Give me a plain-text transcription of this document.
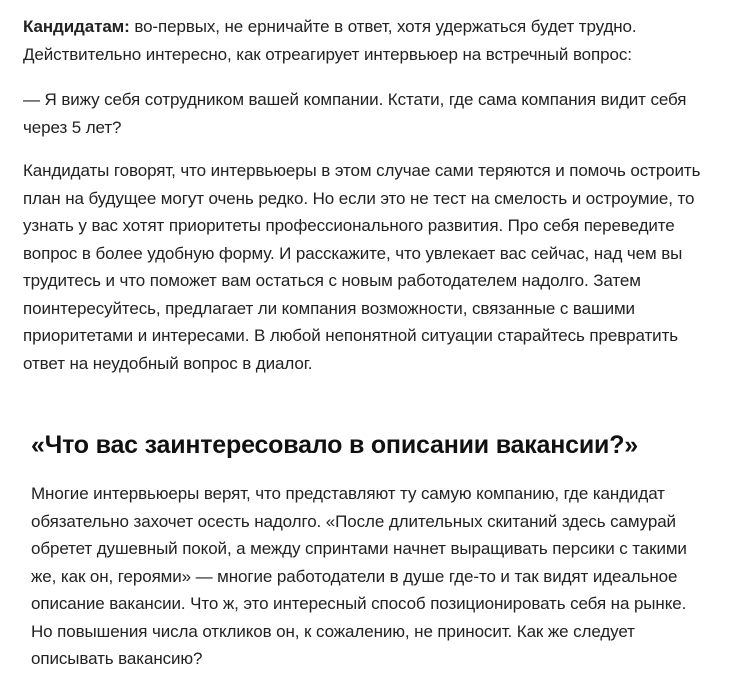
Кандидатам: во-первых, не ерничайте в ответ, хотя удержаться будет трудно. Действительно интересно, как отреагирует интервьюер на встречный вопрос:

— Я вижу себя сотрудником вашей компании. Кстати, где сама компания видит себя через 5 лет?

Кандидаты говорят, что интервьюеры в этом случае сами теряются и помочь остроить план на будущее могут очень редко. Но если это не тест на смелость и остроумие, то узнать у вас хотят приоритеты профессионального развития. Про себя переведите вопрос в более удобную форму. И расскажите, что увлекает вас сейчас, над чем вы трудитесь и что поможет вам остаться с новым работодателем надолго. Затем поинтересуйтесь, предлагает ли компания возможности, связанные с вашими приоритетами и интересами. В любой непонятной ситуации старайтесь превратить ответ на неудобный вопрос в диалог.

«Что вас заинтересовало в описании вакансии?»

Многие интервьюеры верят, что представляют ту самую компанию, где кандидат обязательно захочет осесть надолго. «После длительных скитаний здесь самурай обретет душевный покой, а между спринтами начнет выращивать персики с такими же, как он, героями» — многие работодатели в душе где-то и так видят идеальное описание вакансии. Что ж, это интересный способ позиционировать себя на рынке. Но повышения числа откликов он, к сожалению, не приносит. Как же следует описывать вакансию?
